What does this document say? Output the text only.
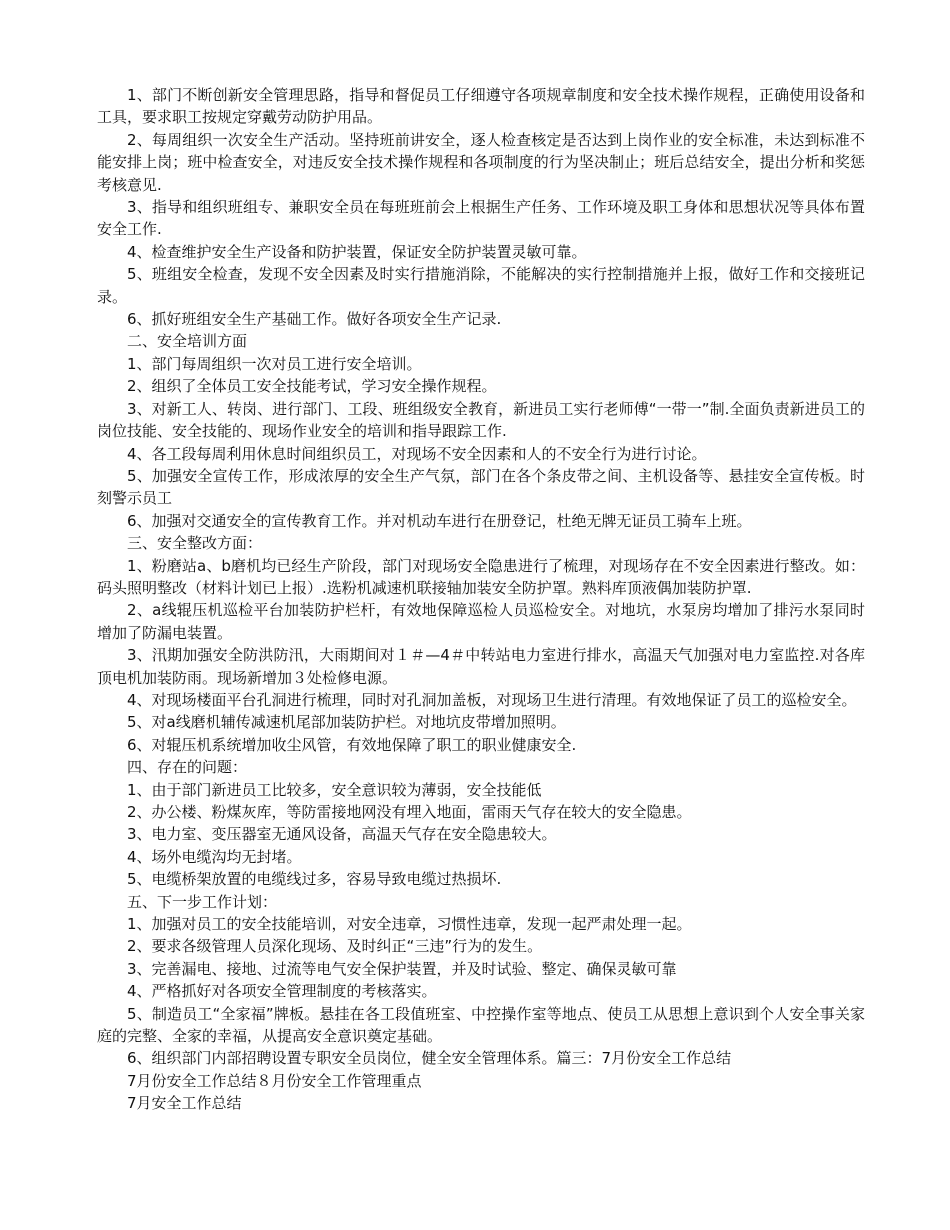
1、部门不断创新安全管理思路，指导和督促员工仔细遵守各项规章制度和安全技术操作规程，正确使用设备和工具，要求职工按规定穿戴劳动防护用品。

2、每周组织一次安全生产活动。坚持班前讲安全，逐人检查核定是否达到上岗作业的安全标准，未达到标准不能安排上岗；班中检查安全，对违反安全技术操作规程和各项制度的行为坚决制止；班后总结安全，提出分析和奖惩考核意见.

3、指导和组织班组专、兼职安全员在每班班前会上根据生产任务、工作环境及职工身体和思想状况等具体布置安全工作.

4、检查维护安全生产设备和防护装置，保证安全防护装置灵敏可靠。

5、班组安全检查，发现不安全因素及时实行措施消除，不能解决的实行控制措施并上报，做好工作和交接班记录。

6、抓好班组安全生产基础工作。做好各项安全生产记录.

二、安全培训方面

1、部门每周组织一次对员工进行安全培训。

2、组织了全体员工安全技能考试，学习安全操作规程。

3、对新工人、转岗、进行部门、工段、班组级安全教育，新进员工实行老师傅“一带一”制.全面负责新进员工的岗位技能、安全技能的、现场作业安全的培训和指导跟踪工作.

4、各工段每周利用休息时间组织员工，对现场不安全因素和人的不安全行为进行讨论。

5、加强安全宣传工作，形成浓厚的安全生产气氛，部门在各个条皮带之间、主机设备等、悬挂安全宣传板。时刻警示员工

6、加强对交通安全的宣传教育工作。并对机动车进行在册登记，杜绝无牌无证员工骑车上班。

三、安全整改方面：

1、粉磨站a、b磨机均已经生产阶段，部门对现场安全隐患进行了梳理，对现场存在不安全因素进行整改。如：码头照明整改（材料计划已上报）.选粉机减速机联接轴加装安全防护罩。熟料库顶液偶加装防护罩.

2、a线辊压机巡检平台加装防护栏杆，有效地保障巡检人员巡检安全。对地坑，水泵房均增加了排污水泵同时增加了防漏电装置。

3、汛期加强安全防洪防汛，大雨期间对１＃—4＃中转站电力室进行排水，高温天气加强对电力室监控.对各库顶电机加装防雨。现场新增加３处检修电源。

4、对现场楼面平台孔洞进行梳理，同时对孔洞加盖板，对现场卫生进行清理。有效地保证了员工的巡检安全。

5、对a线磨机辅传减速机尾部加装防护栏。对地坑皮带增加照明。

6、对辊压机系统增加收尘风管，有效地保障了职工的职业健康安全.

四、存在的问题：

1、由于部门新进员工比较多，安全意识较为薄弱，安全技能低

2、办公楼、粉煤灰库，等防雷接地网没有埋入地面，雷雨天气存在较大的安全隐患。

3、电力室、变压器室无通风设备，高温天气存在安全隐患较大。

4、场外电缆沟均无封堵。

5、电缆桥架放置的电缆线过多，容易导致电缆过热损坏.

五、下一步工作计划：

1、加强对员工的安全技能培训，对安全违章，习惯性违章，发现一起严肃处理一起。

2、要求各级管理人员深化现场、及时纠正“三违”行为的发生。

3、完善漏电、接地、过流等电气安全保护装置，并及时试验、整定、确保灵敏可靠

4、严格抓好对各项安全管理制度的考核落实。

5、制造员工“全家福”牌板。悬挂在各工段值班室、中控操作室等地点、使员工从思想上意识到个人安全事关家庭的完整、全家的幸福，从提高安全意识奠定基础。

6、组织部门内部招聘设置专职安全员岗位，健全安全管理体系。篇三：7月份安全工作总结

7月份安全工作总结８月份安全工作管理重点

7月安全工作总结
